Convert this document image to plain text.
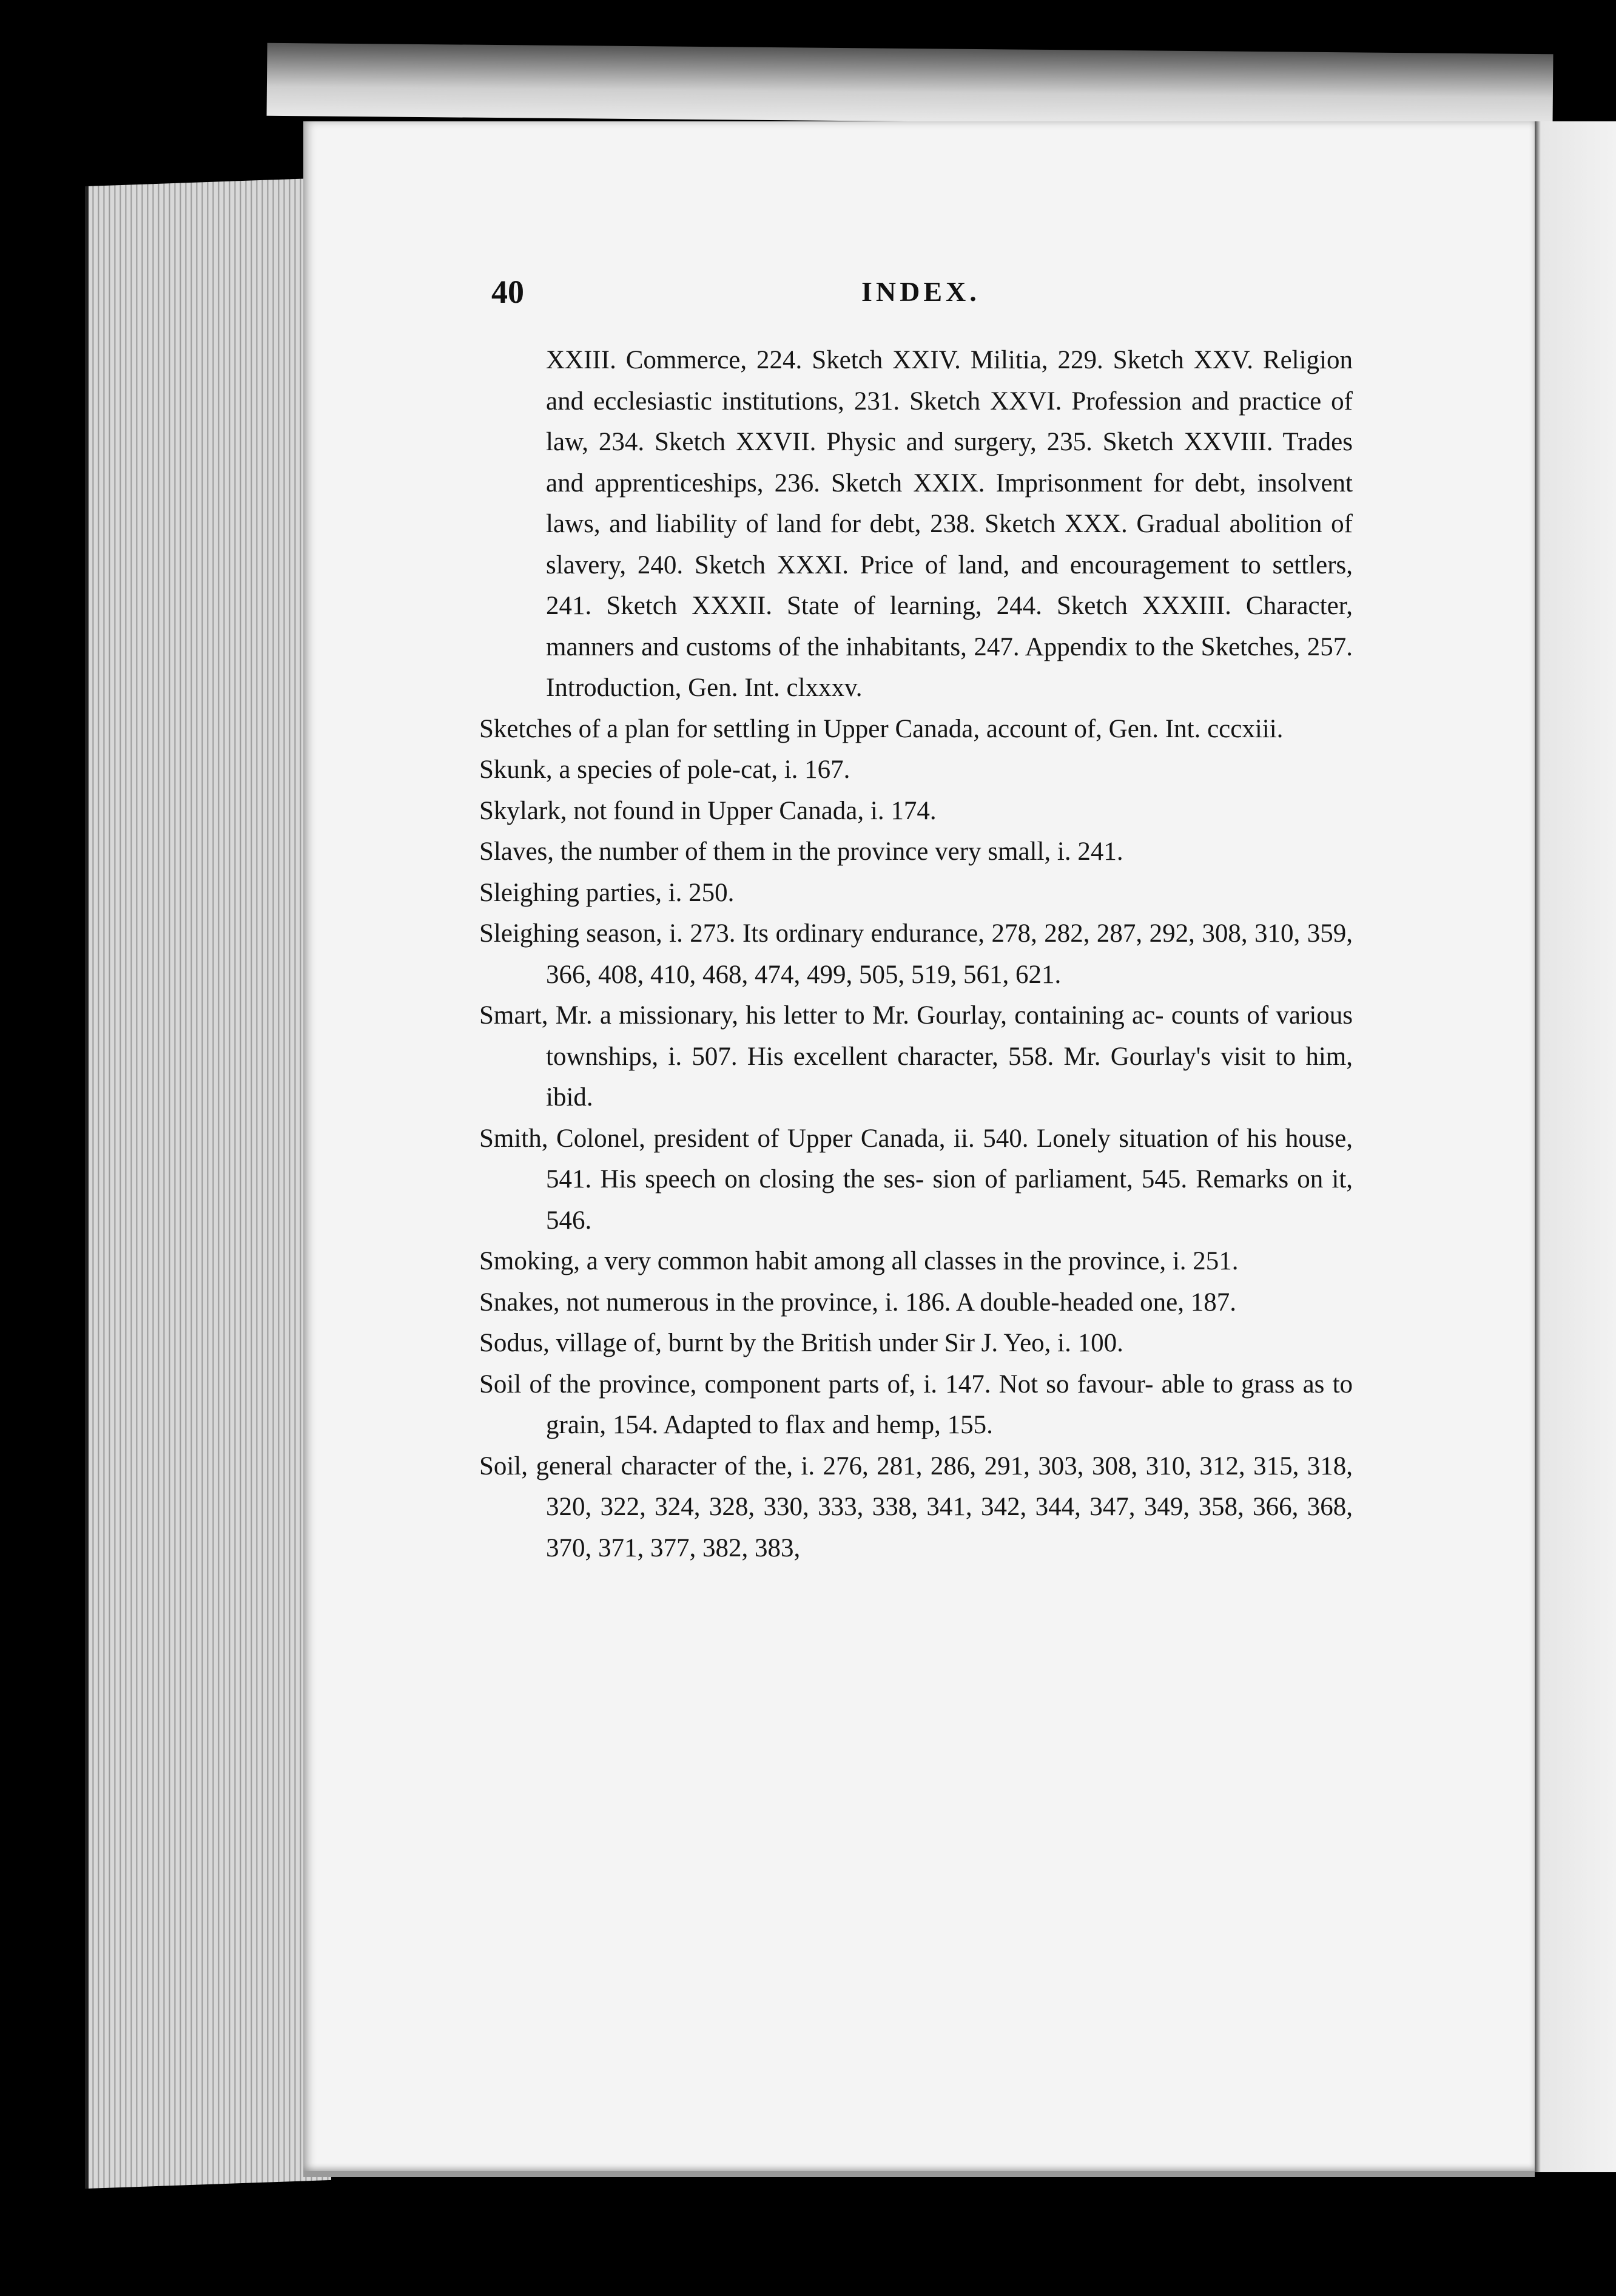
40	INDEX.

XXIII. Commerce, 224. Sketch XXIV. Militia, 229. Sketch XXV. Religion and ecclesiastic institutions, 231. Sketch XXVI. Profession and practice of law, 234. Sketch XXVII. Physic and surgery, 235. Sketch XXVIII. Trades and apprenticeships, 236. Sketch XXIX. Imprisonment for debt, insolvent laws, and liability of land for debt, 238. Sketch XXX. Gradual abolition of slavery, 240. Sketch XXXI. Price of land, and encouragement to settlers, 241. Sketch XXXII. State of learning, 244. Sketch XXXIII. Character, manners and customs of the inhabitants, 247. Appendix to the Sketches, 257. Introduction, Gen. Int. clxxxv.

Sketches of a plan for settling in Upper Canada, account of, Gen. Int. cccxiii.

Skunk, a species of pole-cat, i. 167.

Skylark, not found in Upper Canada, i. 174.

Slaves, the number of them in the province very small, i. 241.

Sleighing parties, i. 250.

Sleighing season, i. 273. Its ordinary endurance, 278, 282, 287, 292, 308, 310, 359, 366, 408, 410, 468, 474, 499, 505, 519, 561, 621.

Smart, Mr. a missionary, his letter to Mr. Gourlay, containing ac- counts of various townships, i. 507. His excellent character, 558. Mr. Gourlay's visit to him, ibid.

Smith, Colonel, president of Upper Canada, ii. 540. Lonely situation of his house, 541. His speech on closing the ses- sion of parliament, 545. Remarks on it, 546.

Smoking, a very common habit among all classes in the province, i. 251.

Snakes, not numerous in the province, i. 186. A double-headed one, 187.

Sodus, village of, burnt by the British under Sir J. Yeo, i. 100.

Soil of the province, component parts of, i. 147. Not so favour- able to grass as to grain, 154. Adapted to flax and hemp, 155.

Soil, general character of the, i. 276, 281, 286, 291, 303, 308, 310, 312, 315, 318, 320, 322, 324, 328, 330, 333, 338, 341, 342, 344, 347, 349, 358, 366, 368, 370, 371, 377, 382, 383,
